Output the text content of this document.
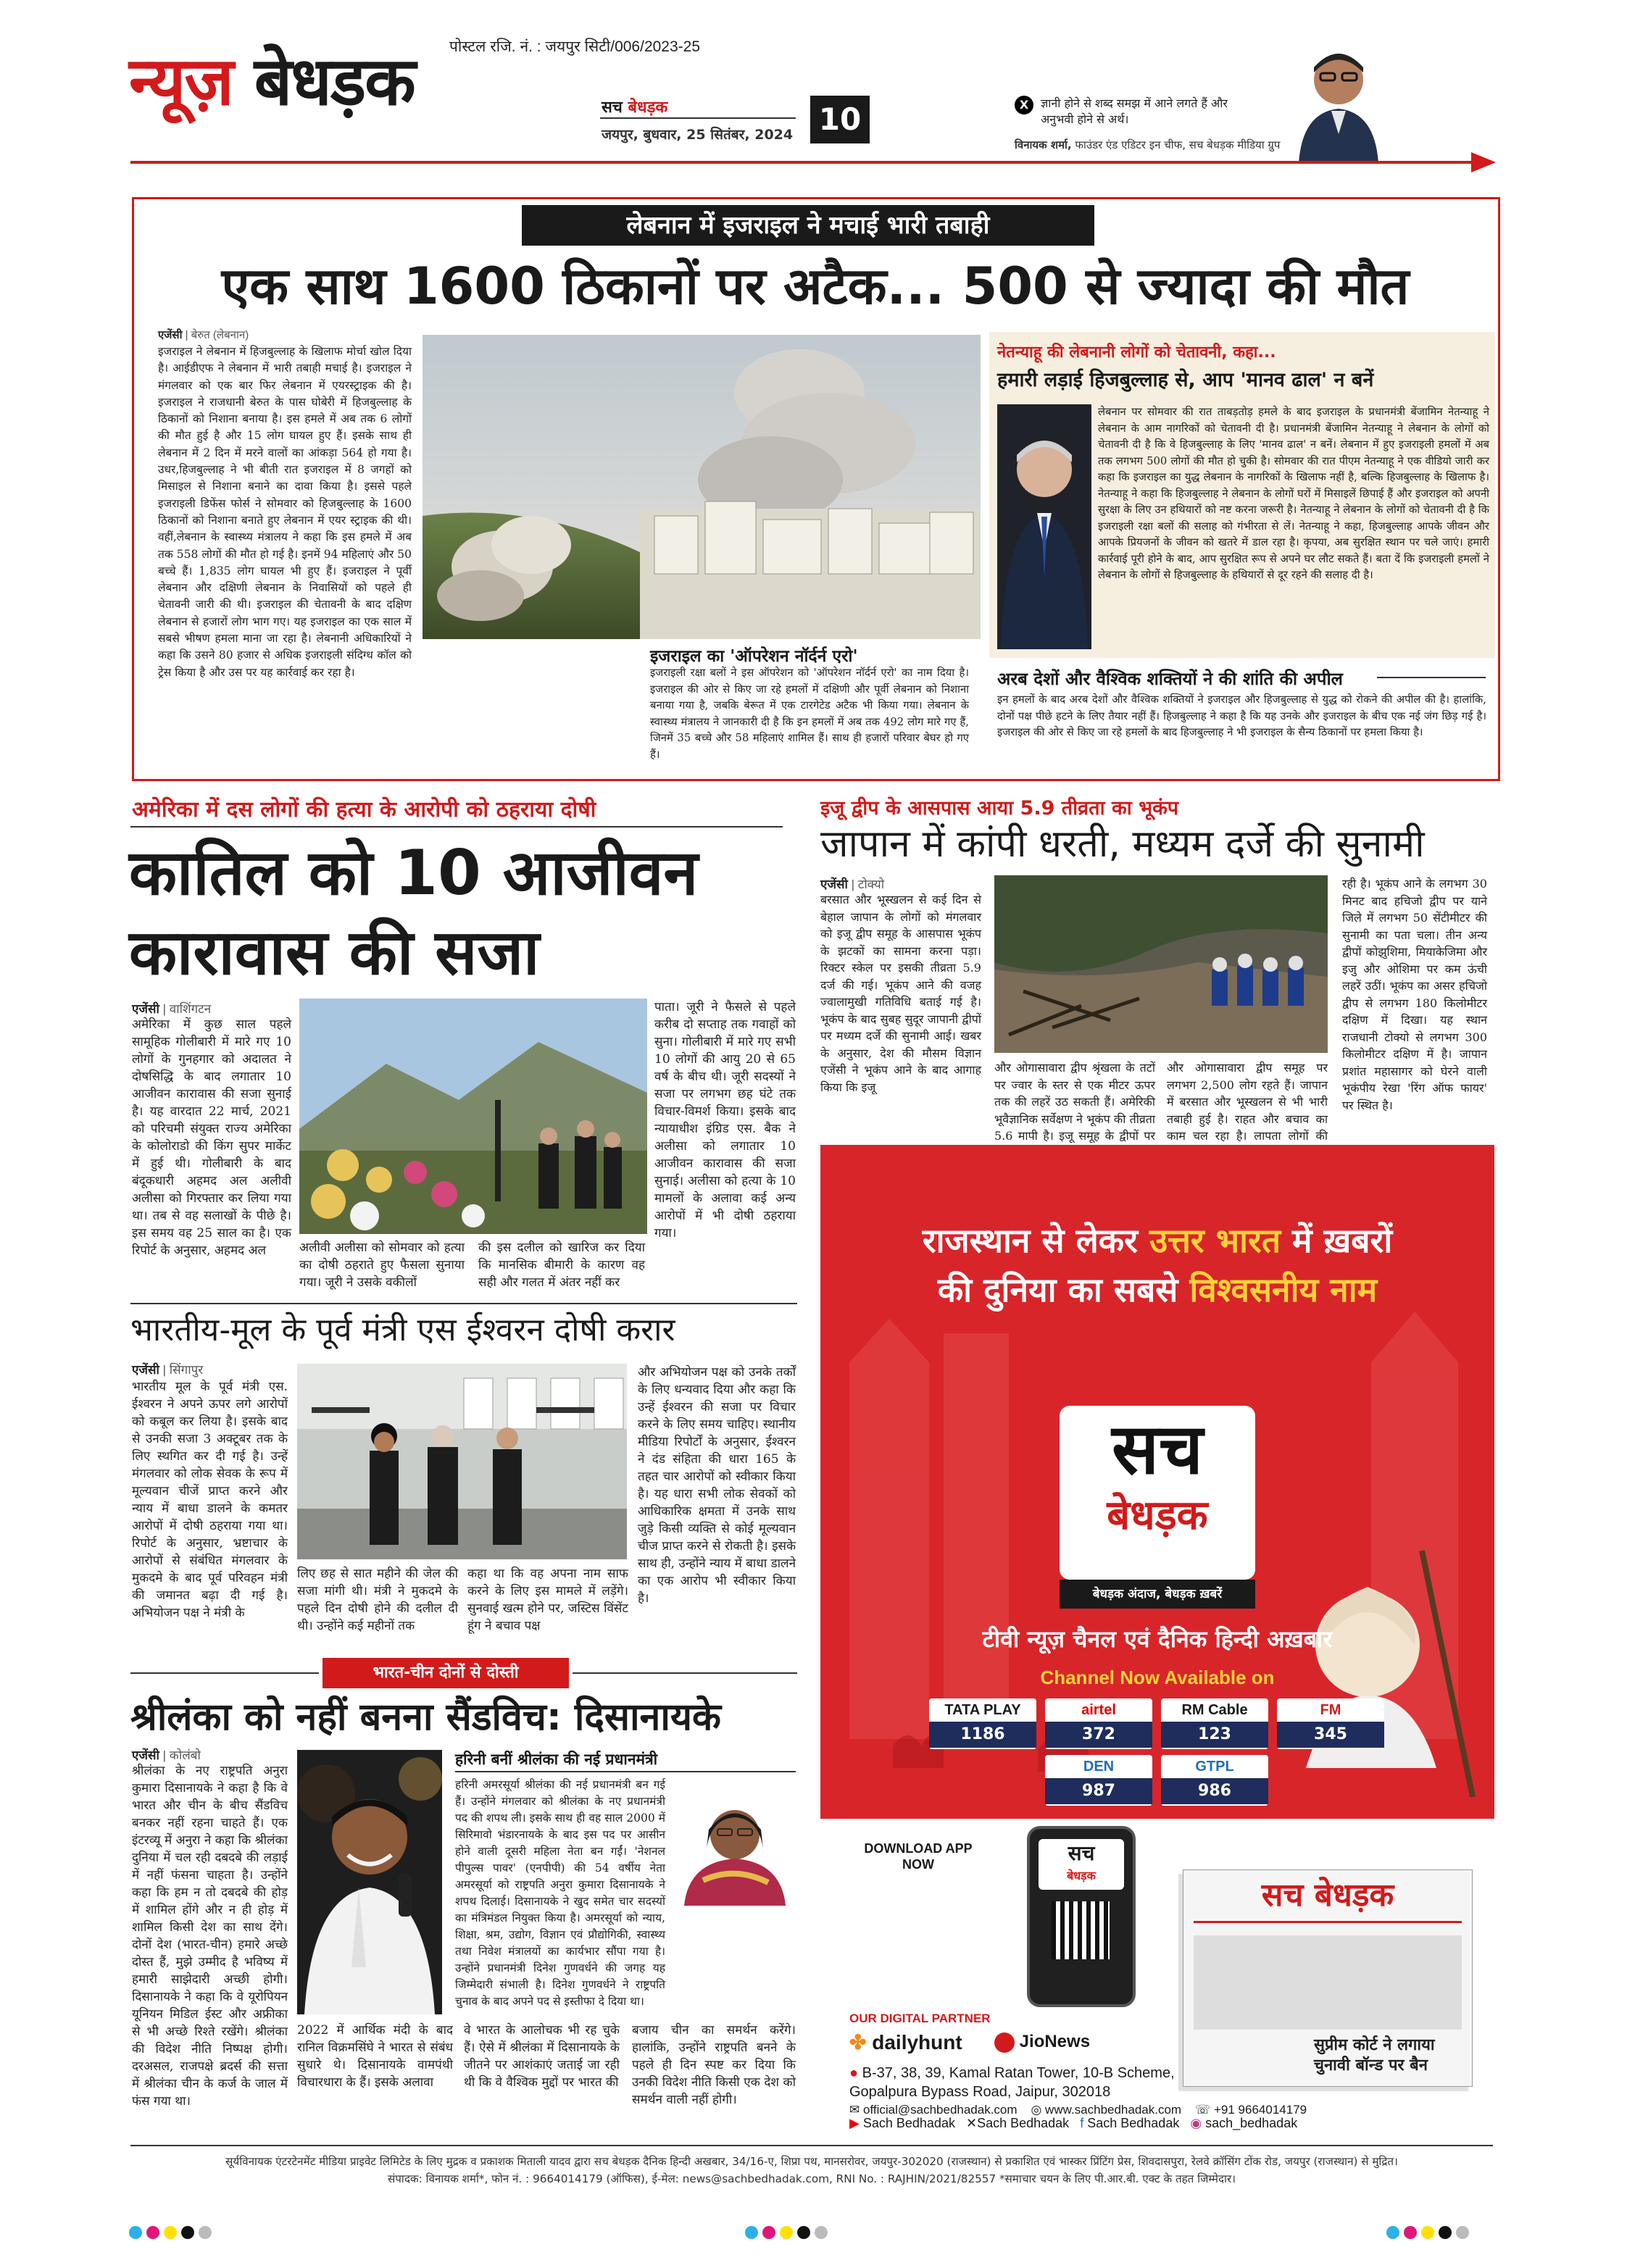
पोस्टल रजि. नं. : जयपुर सिटी/006/2023-25
न्यूज़ बेधड़क	सच बेधड़क
जयपुर, बुधवार, 25 सितंबर, 2024 10	X	ज्ञानी होने से शब्द समझ में आने लगते हैं और अनुभवी होने से अर्थ।
विनायक शर्मा, फाउंडर एंड एडिटर इन चीफ, सच बेधड़क मीडिया ग्रुप
लेबनान में इजराइल ने मचाई भारी तबाही
एक साथ 1600 ठिकानों पर अटैक... 500 से ज्यादा की मौत
एजेंसी | बेरुत (लेबनान)
इजराइल ने लेबनान में हिजबुल्लाह के खिलाफ मोर्चा खोल दिया है। आईडीएफ ने लेबनान में भारी तबाही मचाई है। इजराइल ने मंगलवार को एक बार फिर लेबनान में एयरस्ट्राइक की है। इजराइल ने राजधानी बेरुत के पास घोबेरी में हिजबुल्लाह के ठिकानों को निशाना बनाया है। इस हमले में अब तक 6 लोगों की मौत हुई है और 15 लोग घायल हुए हैं। इसके साथ ही लेबनान में 2 दिन में मरने वालों का आंकड़ा 564 हो गया है। उधर,हिजबुल्लाह ने भी बीती रात इजराइल में 8 जगहों को मिसाइल से निशाना बनाने का दावा किया है। इससे पहले इजराइली डिफेंस फोर्स ने सोमवार को हिजबुल्लाह के 1600 ठिकानों को निशाना बनाते हुए लेबनान में एयर स्ट्राइक की थी। वहीं,लेबनान के स्वास्थ्य मंत्रालय ने कहा कि इस हमले में अब तक 558 लोगों की मौत हो गई है। इनमें 94 महिलाएं और 50 बच्चे हैं। 1,835 लोग घायल भी हुए हैं। इजराइल ने पूर्वी लेबनान और दक्षिणी लेबनान के निवासियों को पहले ही चेतावनी जारी की थी। इजराइल की चेतावनी के बाद दक्षिण लेबनान से हजारों लोग भाग गए। यह इजराइल का एक साल में सबसे भीषण हमला माना जा रहा है। लेबनानी अधिकारियों ने कहा कि उसने 80 हजार से अधिक इजराइली संदिग्ध कॉल को ट्रेस किया है और उस पर यह कार्रवाई कर रहा है।
इजराइल का 'ऑपरेशन नॉर्दर्न एरो'
इजराइली रक्षा बलों ने इस ऑपरेशन को 'ऑपरेशन नॉर्दर्न एरो' का नाम दिया है। इजराइल की ओर से किए जा रहे हमलों में दक्षिणी और पूर्वी लेबनान को निशाना बनाया गया है, जबकि बेरूत में एक टारगेटेड अटैक भी किया गया। लेबनान के स्वास्थ्य मंत्रालय ने जानकारी दी है कि इन हमलों में अब तक 492 लोग मारे गए हैं, जिनमें 35 बच्चे और 58 महिलाएं शामिल हैं। साथ ही हजारों परिवार बेघर हो गए हैं।
नेतन्याहू की लेबनानी लोगों को चेतावनी, कहा...
हमारी लड़ाई हिजबुल्लाह से, आप 'मानव ढाल' न बनें
लेबनान पर सोमवार की रात ताबड़तोड़ हमले के बाद इजराइल के प्रधानमंत्री बेंजामिन नेतन्याहू ने लेबनान के आम नागरिकों को चेतावनी दी है। प्रधानमंत्री बेंजामिन नेतन्याहू ने लेबनान के लोगों को चेतावनी दी है कि वे हिजबुल्लाह के लिए 'मानव ढाल' न बनें। लेबनान में हुए इजराइली हमलों में अब तक लगभग 500 लोगों की मौत हो चुकी है। सोमवार की रात पीएम नेतन्याहू ने एक वीडियो जारी कर कहा कि इजराइल का युद्ध लेबनान के नागरिकों के खिलाफ नहीं है, बल्कि हिजबुल्लाह के खिलाफ है। नेतन्याहू ने कहा कि हिजबुल्लाह ने लेबनान के लोगों घरों में मिसाइलें छिपाई हैं और इजराइल को अपनी सुरक्षा के लिए उन हथियारों को नष्ट करना जरूरी है। नेतन्याहू ने लेबनान के लोगों को चेतावनी दी है कि इजराइली रक्षा बलों की सलाह को गंभीरता से लें। नेतन्याहू ने कहा, हिजबुल्लाह आपके जीवन और आपके प्रियजनों के जीवन को खतरे में डाल रहा है। कृपया, अब सुरक्षित स्थान पर चले जाएं। हमारी कार्रवाई पूरी होने के बाद, आप सुरक्षित रूप से अपने घर लौट सकते हैं। बता दें कि इजराइली हमलों ने लेबनान के लोगों से हिजबुल्लाह के हथियारों से दूर रहने की सलाह दी है।
अरब देशों और वैश्विक शक्तियों ने की शांति की अपील
इन हमलों के बाद अरब देशों और वैश्विक शक्तियों ने इजराइल और हिजबुल्लाह से युद्ध को रोकने की अपील की है। हालांकि, दोनों पक्ष पीछे हटने के लिए तैयार नहीं हैं। हिजबुल्लाह ने कहा है कि यह उनके और इजराइल के बीच एक नई जंग छिड़ गई है। इजराइल की ओर से किए जा रहे हमलों के बाद हिजबुल्लाह ने भी इजराइल के सैन्य ठिकानों पर हमला किया है।
अमेरिका में दस लोगों की हत्या के आरोपी को ठहराया दोषी
कातिल को 10 आजीवन
कारावास की सजा
एजेंसी | वाशिंगटन
अमेरिका में कुछ साल पहले सामूहिक गोलीबारी में मारे गए 10 लोगों के गुनहगार को अदालत ने दोषसिद्धि के बाद लगातार 10 आजीवन कारावास की सजा सुनाई है। यह वारदात 22 मार्च, 2021 को परिचमी संयुक्त राज्य अमेरिका के कोलोराडो की किंग सुपर मार्केट में हुई थी। गोलीबारी के बाद बंदूकधारी अहमद अल अलीवी अलीसा को गिरफ्तार कर लिया गया था। तब से वह सलाखों के पीछे है। इस समय वह 25 साल का है। एक रिपोर्ट के अनुसार, अहमद अल	अलीवी अलीसा को सोमवार को हत्या का दोषी ठहराते हुए फैसला सुनाया गया। जूरी ने उसके वकीलों
की इस दलील को खारिज कर दिया कि मानसिक बीमारी के कारण वह सही और गलत में अंतर नहीं कर
पाता। जूरी ने फैसले से पहले करीब दो सप्ताह तक गवाहों को सुना। गोलीबारी में मारे गए सभी 10 लोगों की आयु 20 से 65 वर्ष के बीच थी। जूरी सदस्यों ने सजा पर लगभग छह घंटे तक विचार-विमर्श किया। इसके बाद न्यायाधीश इंग्रिड एस. बैक ने अलीसा को लगातार 10 आजीवन कारावास की सजा सुनाई। अलीसा को हत्या के 10 मामलों के अलावा कई अन्य आरोपों में भी दोषी ठहराया गया।
इजू द्वीप के आसपास आया 5.9 तीव्रता का भूकंप
जापान में कांपी धरती, मध्यम दर्जे की सुनामी
एजेंसी | टोक्यो
बरसात और भूस्खलन से कई दिन से बेहाल जापान के लोगों को मंगलवार को इजू द्वीप समूह के आसपास भूकंप के झटकों का सामना करना पड़ा। रिक्टर स्केल पर इसकी तीव्रता 5.9 दर्ज की गई। भूकंप आने की वजह ज्वालामुखी गतिविधि बताई गई है। भूकंप के बाद सुबह सुदूर जापानी द्वीपों पर मध्यम दर्जे की सुनामी आई। खबर के अनुसार, देश की मौसम विज्ञान एजेंसी ने भूकंप आने के बाद आगाह किया कि इजू
और ओगासावारा द्वीप श्रृंखला के तटों पर ज्वार के स्तर से एक मीटर ऊपर तक की लहरें उठ सकती हैं। अमेरिकी भूवैज्ञानिक सर्वेक्षण ने भूकंप की तीव्रता 5.6 मापी है। इजू समूह के द्वीपों पर
और ओगासावारा द्वीप समूह पर लगभग 2,500 लोग रहते हैं। जापान में बरसात और भूस्खलन से भी भारी तबाही हुई है। राहत और बचाव का काम चल रहा है। लापता लोगों की
रही है। भूकंप आने के लगभग 30 मिनट बाद हचिजो द्वीप पर याने जिले में लगभग 50 सेंटीमीटर की सुनामी का पता चला। तीन अन्य द्वीपों कोझुशिमा, मियाकेजिमा और इजु और ओशिमा पर कम ऊंची लहरें उठीं। भूकंप का असर हचिजो द्वीप से लगभग 180 किलोमीटर दक्षिण में दिखा। यह स्थान राजधानी टोक्यो से लगभग 300 किलोमीटर दक्षिण में है। जापान प्रशांत महासागर को घेरने वाली भूकंपीय रेखा 'रिंग ऑफ फायर' पर स्थित है।
भारतीय-मूल के पूर्व मंत्री एस ईश्वरन दोषी करार
एजेंसी | सिंगापुर
भारतीय मूल के पूर्व मंत्री एस. ईश्वरन ने अपने ऊपर लगे आरोपों को कबूल कर लिया है। इसके बाद से उनकी सजा 3 अक्टूबर तक के लिए स्थगित कर दी गई है। उन्हें मंगलवार को लोक सेवक के रूप में मूल्यवान चीजें प्राप्त करने और न्याय में बाधा डालने के कमतर आरोपों में दोषी ठहराया गया था। रिपोर्ट के अनुसार, भ्रष्टाचार के आरोपों से संबंधित मंगलवार के मुकदमे के बाद पूर्व परिवहन मंत्री की जमानत बढ़ा दी गई है। अभियोजन पक्ष ने मंत्री के
लिए छह से सात महीने की जेल की सजा मांगी थी। मंत्री ने मुकदमे के पहले दिन दोषी होने की दलील दी थी। उन्होंने कई महीनों तक
कहा था कि वह अपना नाम साफ करने के लिए इस मामले में लड़ेंगे। सुनवाई खत्म होने पर, जस्टिस विंसेंट हूंग ने बचाव पक्ष
और अभियोजन पक्ष को उनके तर्कों के लिए धन्यवाद दिया और कहा कि उन्हें ईश्वरन की सजा पर विचार करने के लिए समय चाहिए। स्थानीय मीडिया रिपोर्टों के अनुसार, ईश्वरन ने दंड संहिता की धारा 165 के तहत चार आरोपों को स्वीकार किया है। यह धारा सभी लोक सेवकों को आधिकारिक क्षमता में उनके साथ जुड़े किसी व्यक्ति से कोई मूल्यवान चीज प्राप्त करने से रोकती है। इसके साथ ही, उन्होंने न्याय में बाधा डालने का एक आरोप भी स्वीकार किया है।
भारत-चीन दोनों से दोस्ती
श्रीलंका को नहीं बनना सैंडविच: दिसानायके
एजेंसी | कोलंबो
श्रीलंका के नए राष्ट्रपति अनुरा कुमारा दिसानायके ने कहा है कि वे भारत और चीन के बीच सैंडविच बनकर नहीं रहना चाहते हैं। एक इंटरव्यू में अनुरा ने कहा कि श्रीलंका दुनिया में चल रही दबदबे की लड़ाई में नहीं फंसना चाहता है। उन्होंने कहा कि हम न तो दबदबे की होड़ में शामिल होंगे और न ही होड़ में शामिल किसी देश का साथ देंगे। दोनों देश (भारत-चीन) हमारे अच्छे दोस्त हैं, मुझे उम्मीद है भविष्य में हमारी साझेदारी अच्छी होगी। दिसानायके ने कहा कि वे यूरोपियन यूनियन मिडिल ईस्ट और अफ्रीका से भी अच्छे रिश्ते रखेंगे। श्रीलंका की विदेश नीति निष्पक्ष होगी। दरअसल, राजपक्षे ब्रदर्स की सत्ता में श्रीलंका चीन के कर्ज के जाल में फंस गया था।
हरिनी बनीं श्रीलंका की नई प्रधानमंत्री
हरिनी अमरसूर्या श्रीलंका की नई प्रधानमंत्री बन गई हैं। उन्होंने मंगलवार को श्रीलंका के नए प्रधानमंत्री पद की शपथ ली। इसके साथ ही वह साल 2000 में सिरिमावो भंडारनायके के बाद इस पद पर आसीन होने वाली दूसरी महिला नेता बन गईं। 'नेशनल पीपुल्स पावर' (एनपीपी) की 54 वर्षीय नेता अमरसूर्या को राष्ट्रपति अनुरा कुमारा दिसानायके ने शपथ दिलाई। दिसानायके ने खुद समेत चार सदस्यों का मंत्रिमंडल नियुक्त किया है। अमरसूर्या को न्याय, शिक्षा, श्रम, उद्योग, विज्ञान एवं प्रौद्योगिकी, स्वास्थ्य तथा निवेश मंत्रालयों का कार्यभार सौंपा गया है। उन्होंने प्रधानमंत्री दिनेश गुणवर्धने की जगह यह जिम्मेदारी संभाली है। दिनेश गुणवर्धने ने राष्ट्रपति चुनाव के बाद अपने पद से इस्तीफा दे दिया था।
2022 में आर्थिक मंदी के बाद रानिल विक्रमसिंघे ने भारत से संबंध सुधारे थे। दिसानायके वामपंथी विचारधारा के हैं। इसके अलावा
वे भारत के आलोचक भी रह चुके हैं। ऐसे में श्रीलंका में दिसानायके के जीतने पर आशंकाएं जताई जा रही थी कि वे वैश्विक मुद्दों पर भारत की
बजाय चीन का समर्थन करेंगे। हालांकि, उन्होंने राष्ट्रपति बनने के पहले ही दिन स्पष्ट कर दिया कि उनकी विदेश नीति किसी एक देश को समर्थन वाली नहीं होगी।
राजस्थान से लेकर उत्तर भारत में ख़बरों
की दुनिया का सबसे विश्वसनीय नाम
सच
बेधड़क
बेधड़क अंदाज, बेधड़क ख़बरें
टीवी न्यूज़ चैनल एवं दैनिक हिन्दी अख़बार
Channel Now Available on
TATA PLAY
1186
airtel
372
RM Cable
123
FM
345
DEN
987
GTPL
986
DOWNLOAD APP NOW	सच
बेधड़क
सच बेधड़क
सुप्रीम कोर्ट ने लगाया चुनावी बॉन्ड पर बैन
OUR DIGITAL PARTNER
✤ dailyhunt	JioNews
● B-37, 38, 39, Kamal Ratan Tower, 10-B Scheme, Gopalpura Bypass Road, Jaipur, 302018
✉ official@sachbedhadak.com ◎ www.sachbedhadak.com ☏ +91 9664014179
▶ Sach Bedhadak ✕Sach Bedhadak f Sach Bedhadak ◉ sach_bedhadak
सूर्यविनायक एंटरटेनमेंट मीडिया प्राइवेट लिमिटेड के लिए मुद्रक व प्रकाशक मिताली यादव द्वारा सच बेधड़क दैनिक हिन्दी अखबार, 34/16-ए, शिप्रा पथ, मानसरोवर, जयपुर-302020 (राजस्थान) से प्रकाशित एवं भास्कर प्रिंटिंग प्रेस, शिवदासपुरा, रेलवे क्रॉसिंग टोंक रोड, जयपुर (राजस्थान) से मुद्रित।
संपादक: विनायक शर्मा*, फोन नं. : 9664014179 (ऑफिस), ई-मेल: news@sachbedhadak.com, RNI No. : RAJHIN/2021/82557 *समाचार चयन के लिए पी.आर.बी. एक्ट के तहत जिम्मेदार।
